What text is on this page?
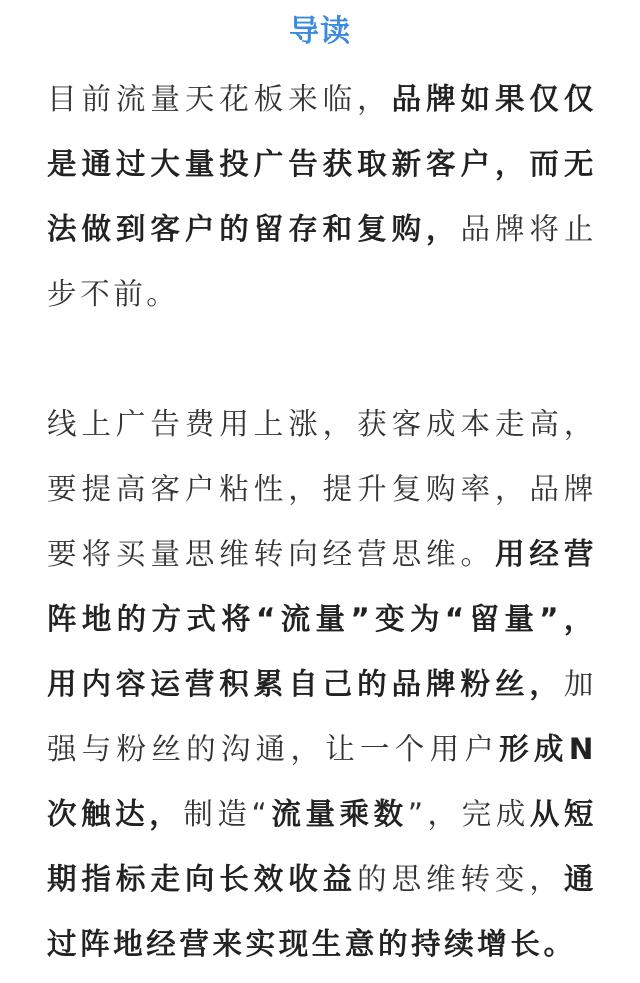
导读

目前流量天花板来临，品牌如果仅仅是通过大量投广告获取新客户，而无法做到客户的留存和复购，品牌将止步不前。

线上广告费用上涨，获客成本走高，要提高客户粘性，提升复购率，品牌要将买量思维转向经营思维。用经营阵地的方式将“流量”变为“留量”，用内容运营积累自己的品牌粉丝，加强与粉丝的沟通，让一个用户形成N次触达，制造“流量乘数”，完成从短期指标走向长效收益的思维转变，通过阵地经营来实现生意的持续增长。
